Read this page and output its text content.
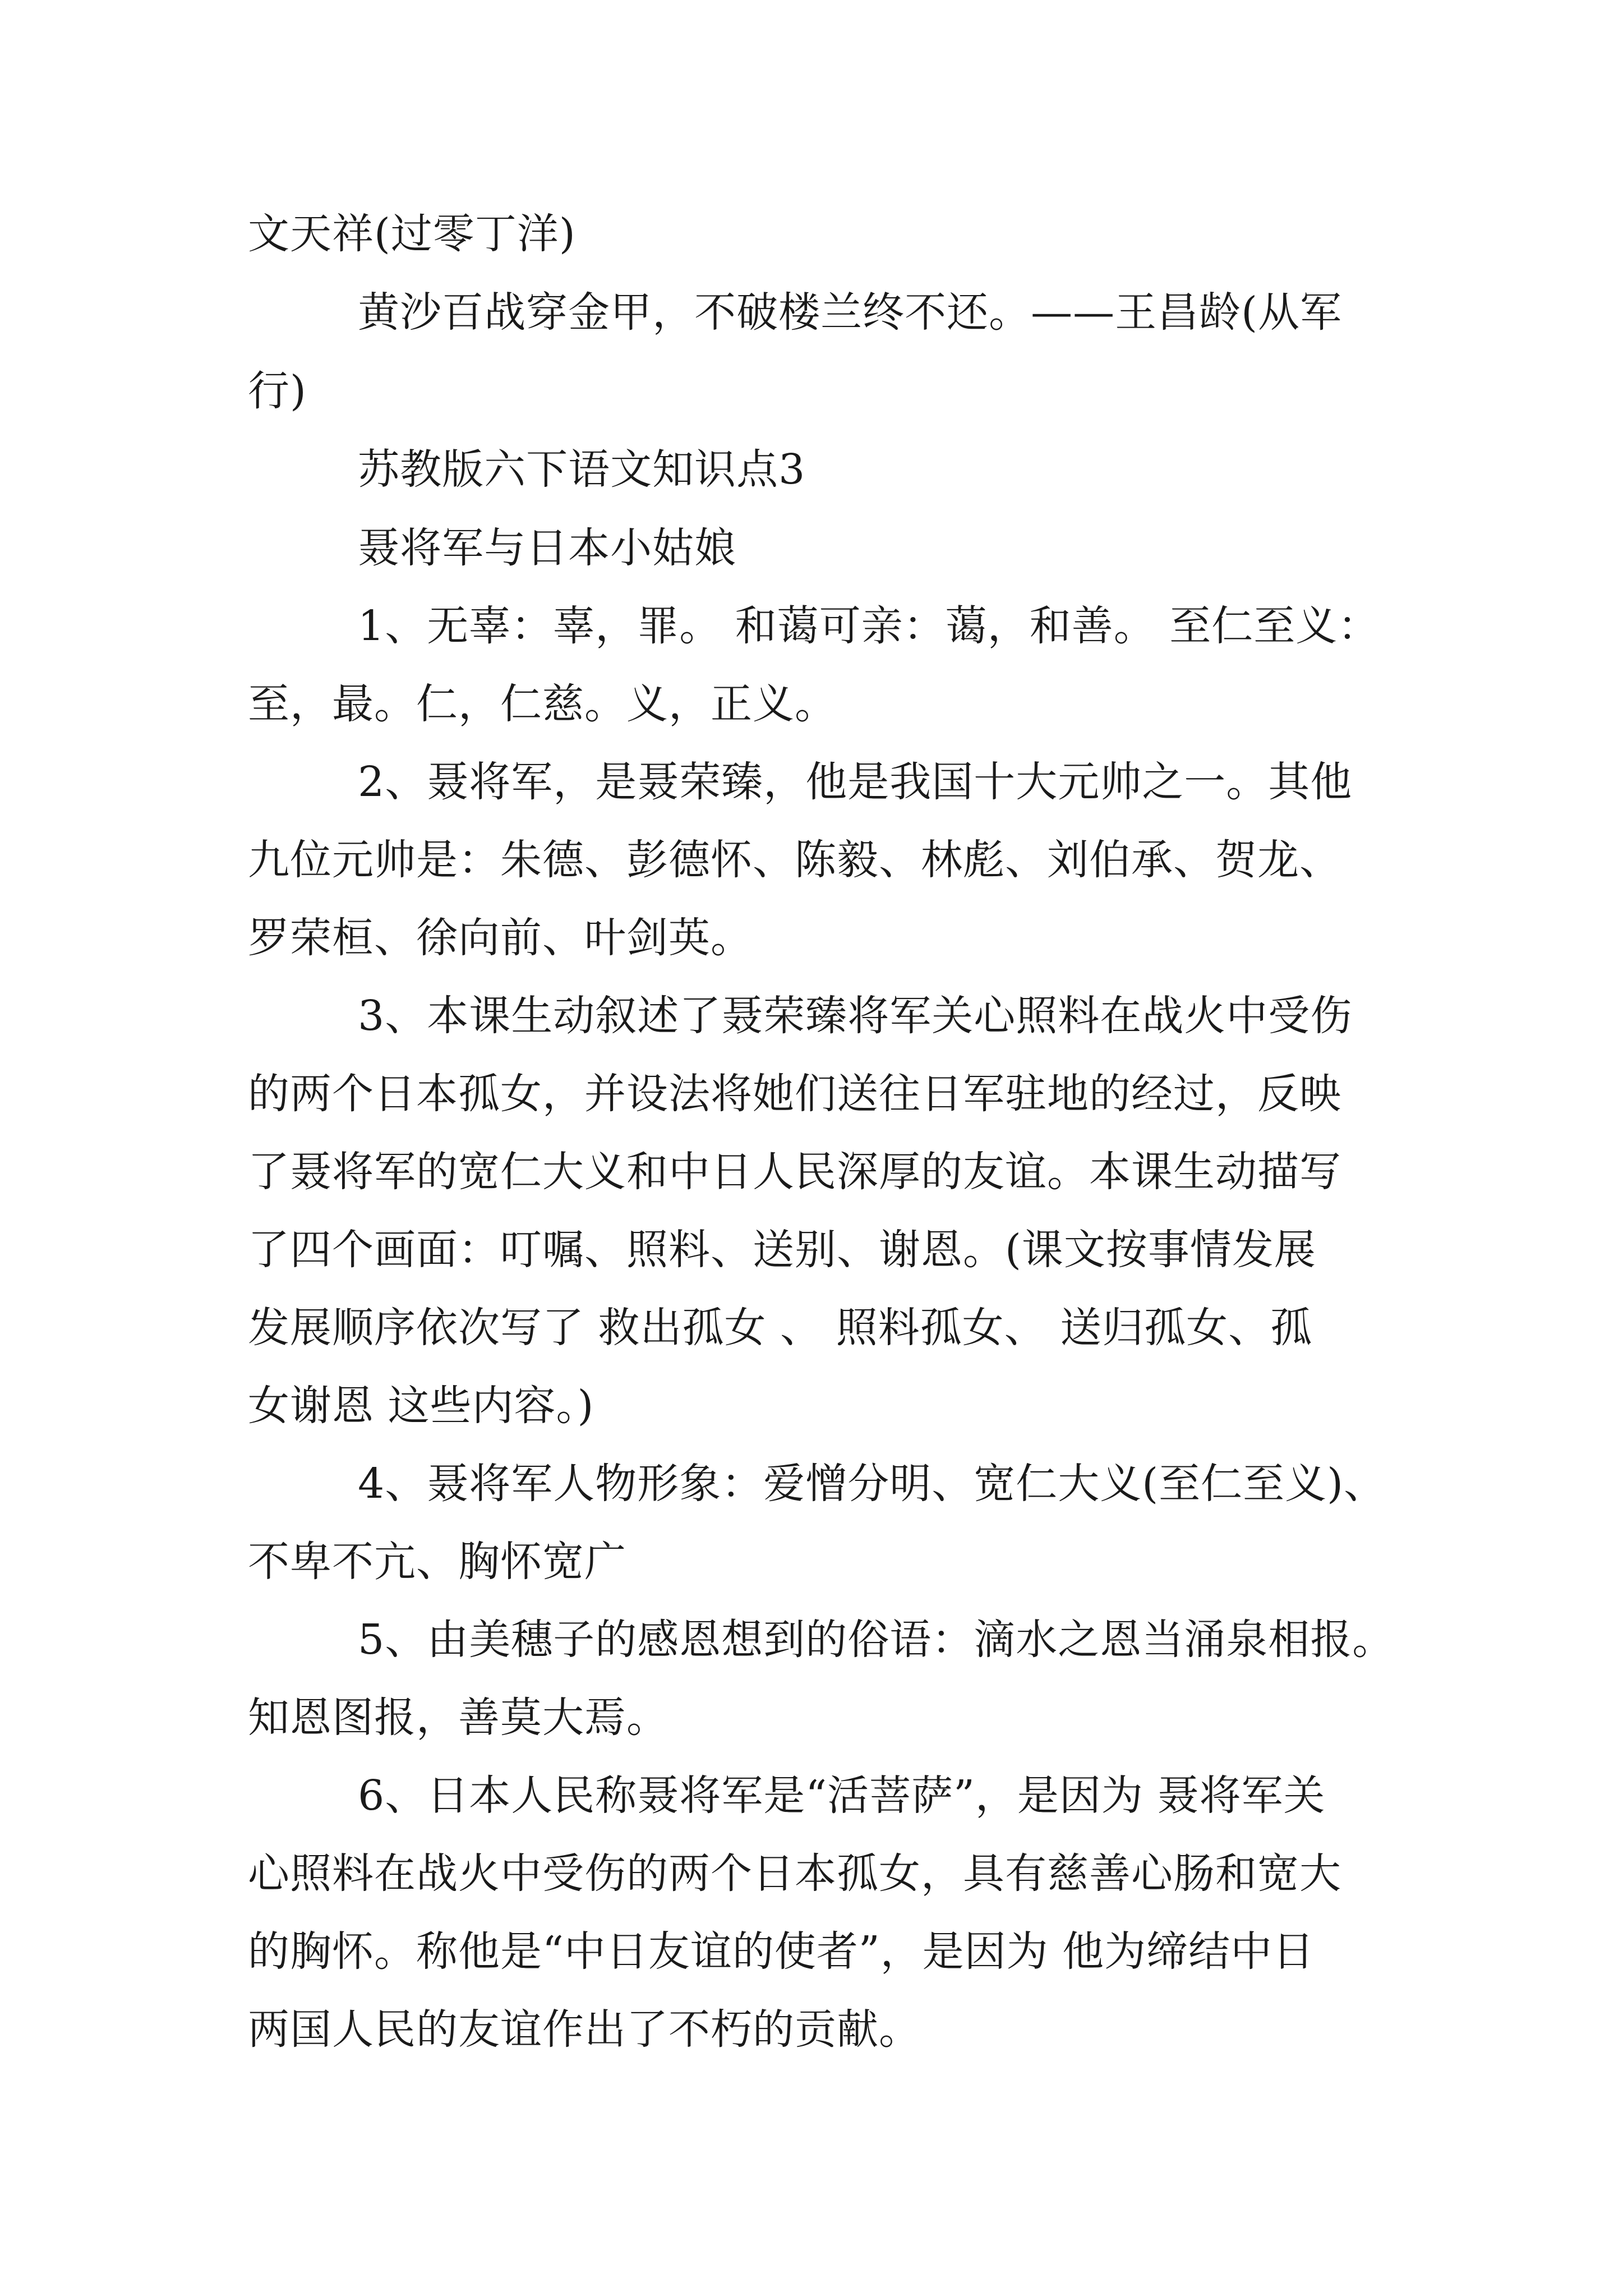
文天祥(过零丁洋)

黄沙百战穿金甲，不破楼兰终不还。——王昌龄(从军

行)

苏教版六下语文知识点3

聂将军与日本小姑娘

1、无辜：辜，罪。 和蔼可亲：蔼，和善。 至仁至义：

至，最。仁，仁慈。义，正义。

2、聂将军，是聂荣臻，他是我国十大元帅之一。其他

九位元帅是：朱德、彭德怀、陈毅、林彪、刘伯承、贺龙、

罗荣桓、徐向前、叶剑英。

3、本课生动叙述了聂荣臻将军关心照料在战火中受伤

的两个日本孤女，并设法将她们送往日军驻地的经过，反映

了聂将军的宽仁大义和中日人民深厚的友谊。本课生动描写

了四个画面：叮嘱、照料、送别、谢恩。(课文按事情发展

发展顺序依次写了 救出孤女 、 照料孤女、 送归孤女、孤

女谢恩 这些内容。)

4、聂将军人物形象：爱憎分明、宽仁大义(至仁至义)、

不卑不亢、胸怀宽广

5、由美穗子的感恩想到的俗语：滴水之恩当涌泉相报。

知恩图报，善莫大焉。

6、日本人民称聂将军是“活菩萨”，是因为 聂将军关

心照料在战火中受伤的两个日本孤女，具有慈善心肠和宽大

的胸怀。称他是“中日友谊的使者”，是因为 他为缔结中日

两国人民的友谊作出了不朽的贡献。
